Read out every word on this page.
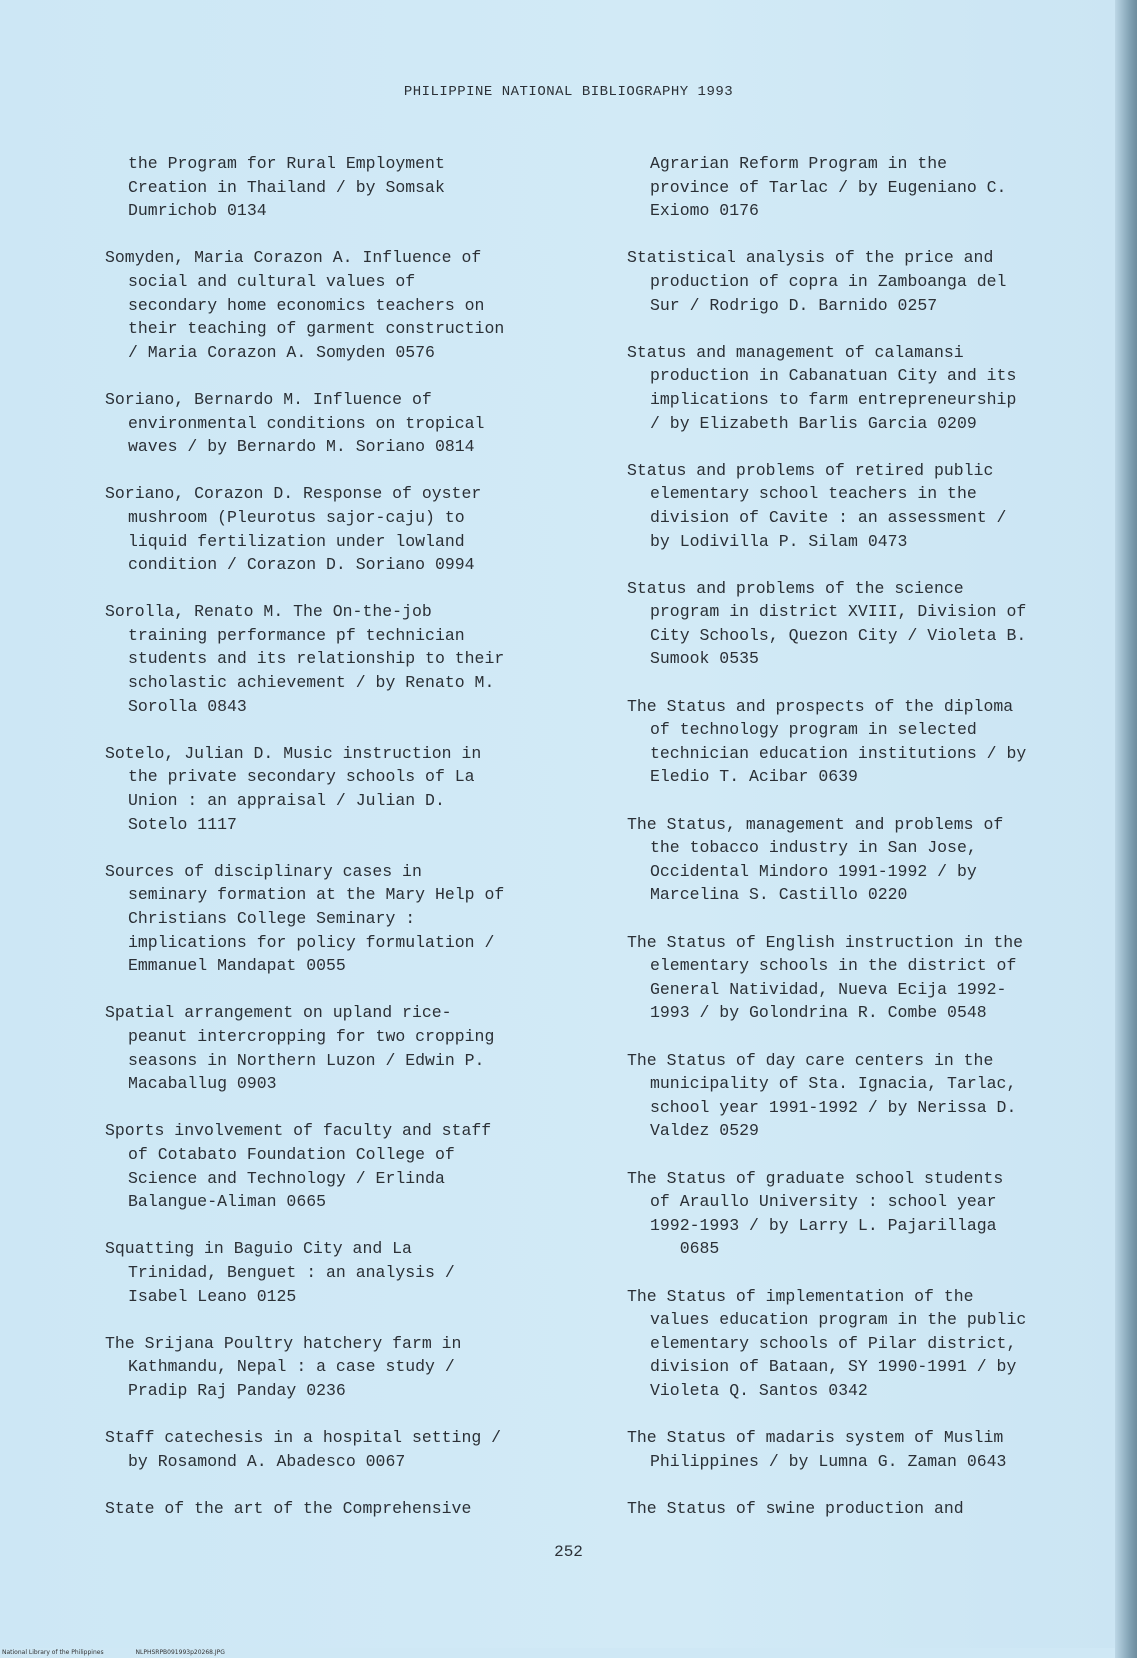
PHILIPPINE NATIONAL BIBLIOGRAPHY 1993
the Program for Rural Employment
Creation in Thailand / by Somsak
Dumrichob 0134
Somyden, Maria Corazon A. Influence of
social and cultural values of
secondary home economics teachers on
their teaching of garment construction
/ Maria Corazon A. Somyden 0576
Soriano, Bernardo M. Influence of
environmental conditions on tropical
waves / by Bernardo M. Soriano 0814
Soriano, Corazon D. Response of oyster
mushroom (Pleurotus sajor-caju) to
liquid fertilization under lowland
condition / Corazon D. Soriano 0994
Sorolla, Renato M. The On-the-job
training performance pf technician
students and its relationship to their
scholastic achievement / by Renato M.
Sorolla 0843
Sotelo, Julian D. Music instruction in
the private secondary schools of La
Union : an appraisal / Julian D.
Sotelo 1117
Sources of disciplinary cases in
seminary formation at the Mary Help of
Christians College Seminary :
implications for policy formulation /
Emmanuel Mandapat 0055
Spatial arrangement on upland rice-
peanut intercropping for two cropping
seasons in Northern Luzon / Edwin P.
Macaballug 0903
Sports involvement of faculty and staff
of Cotabato Foundation College of
Science and Technology / Erlinda
Balangue-Aliman 0665
Squatting in Baguio City and La
Trinidad, Benguet : an analysis /
Isabel Leano 0125
The Srijana Poultry hatchery farm in
Kathmandu, Nepal : a case study /
Pradip Raj Panday 0236
Staff catechesis in a hospital setting /
by Rosamond A. Abadesco 0067
State of the art of the Comprehensive
Agrarian Reform Program in the
province of Tarlac / by Eugeniano C.
Exiomo 0176
Statistical analysis of the price and
production of copra in Zamboanga del
Sur / Rodrigo D. Barnido 0257
Status and management of calamansi
production in Cabanatuan City and its
implications to farm entrepreneurship
/ by Elizabeth Barlis Garcia 0209
Status and problems of retired public
elementary school teachers in the
division of Cavite : an assessment /
by Lodivilla P. Silam 0473
Status and problems of the science
program in district XVIII, Division of
City Schools, Quezon City / Violeta B.
Sumook 0535
The Status and prospects of the diploma
of technology program in selected
technician education institutions / by
Eledio T. Acibar 0639
The Status, management and problems of
the tobacco industry in San Jose,
Occidental Mindoro 1991-1992 / by
Marcelina S. Castillo 0220
The Status of English instruction in the
elementary schools in the district of
General Natividad, Nueva Ecija 1992-
1993 / by Golondrina R. Combe 0548
The Status of day care centers in the
municipality of Sta. Ignacia, Tarlac,
school year 1991-1992 / by Nerissa D.
Valdez 0529
The Status of graduate school students
of Araullo University : school year
1992-1993 / by Larry L. Pajarillaga
0685
The Status of implementation of the
values education program in the public
elementary schools of Pilar district,
division of Bataan, SY 1990-1991 / by
Violeta Q. Santos 0342
The Status of madaris system of Muslim
Philippines / by Lumna G. Zaman 0643
The Status of swine production and
252
National Library of the Philippines	NLPHSRPB091993p20268.JPG
